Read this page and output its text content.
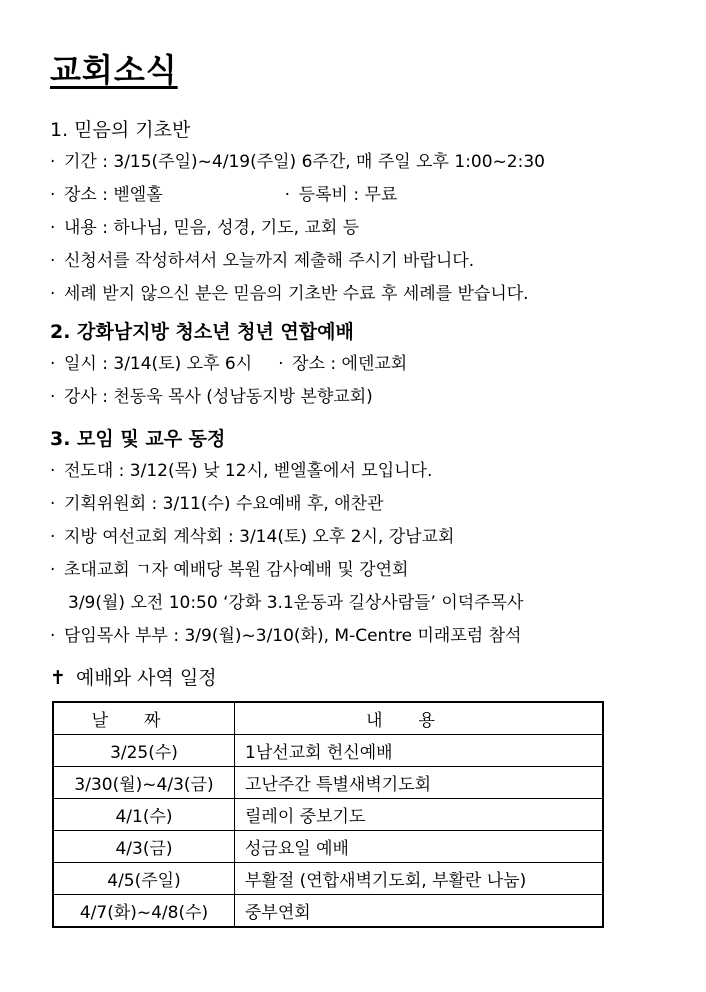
교회소식
1. 믿음의 기초반
· 기간 : 3/15(주일)~4/19(주일) 6주간, 매 주일 오후 1:00~2:30
· 장소 : 벧엘홀	· 등록비 : 무료
· 내용 : 하나님, 믿음, 성경, 기도, 교회 등
· 신청서를 작성하셔서 오늘까지 제출해 주시기 바랍니다.
· 세례 받지 않으신 분은 믿음의 기초반 수료 후 세례를 받습니다.
2. 강화남지방 청소년 청년 연합예배
· 일시 : 3/14(토) 오후 6시 · 장소 : 에덴교회
· 강사 : 천동욱 목사 (성남동지방 본향교회)
3. 모임 및 교우 동정
· 전도대 : 3/12(목) 낮 12시, 벧엘홀에서 모입니다.
· 기획위원회 : 3/11(수) 수요예배 후, 애찬관
· 지방 여선교회 계삭회 : 3/14(토) 오후 2시, 강남교회
· 초대교회 ㄱ자 예배당 복원 감사예배 및 강연회
3/9(월) 오전 10:50 ‘강화 3.1운동과 길상사람들’ 이덕주목사
· 담임목사 부부 : 3/9(월)~3/10(화), M-Centre 미래포럼 참석
✝ 예배와 사역 일정
날짜	내용
3/25(수)	1남선교회 헌신예배
3/30(월)~4/3(금)	고난주간 특별새벽기도회
4/1(수)	릴레이 중보기도
4/3(금)	성금요일 예배
4/5(주일)	부활절 (연합새벽기도회, 부활란 나눔)
4/7(화)~4/8(수)	중부연회
